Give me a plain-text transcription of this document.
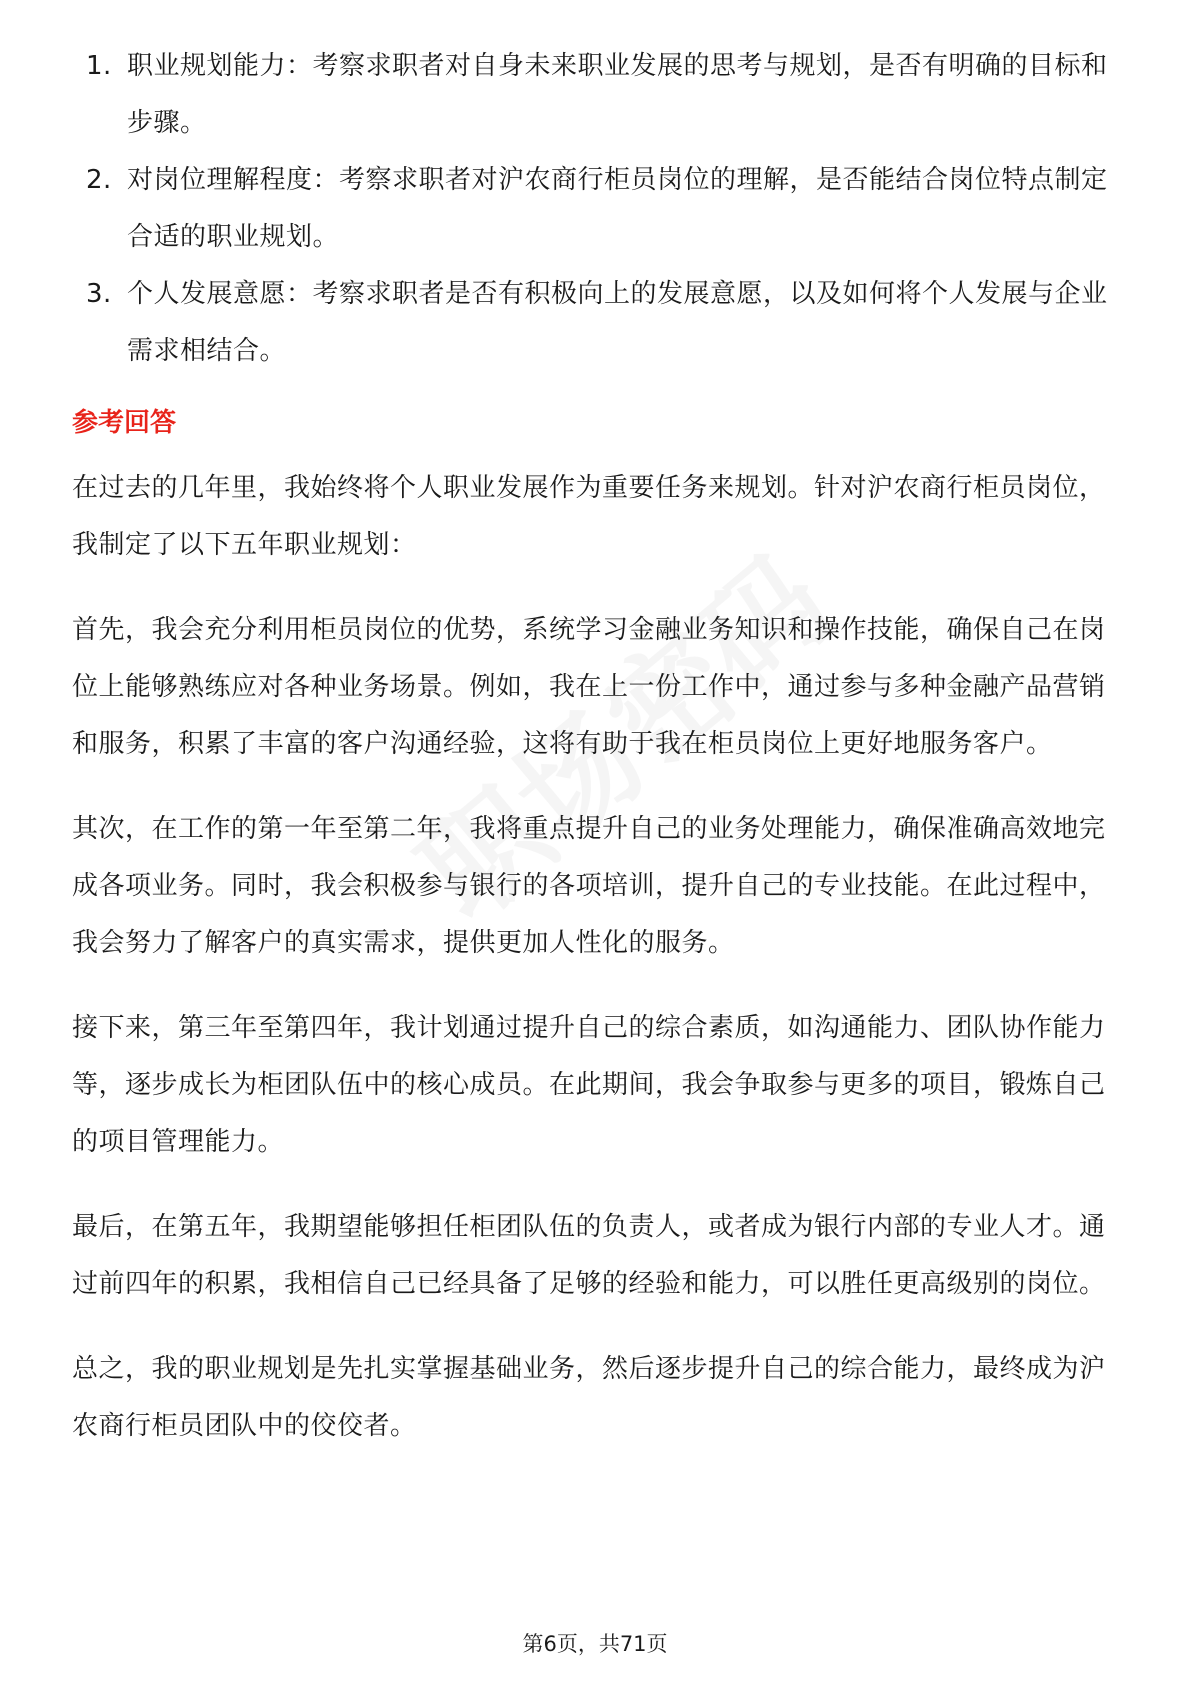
1. 职业规划能力：考察求职者对自身未来职业发展的思考与规划，是否有明确的目标和步骤。
2. 对岗位理解程度：考察求职者对沪农商行柜员岗位的理解，是否能结合岗位特点制定合适的职业规划。
3. 个人发展意愿：考察求职者是否有积极向上的发展意愿，以及如何将个人发展与企业需求相结合。
参考回答

在过去的几年里，我始终将个人职业发展作为重要任务来规划。针对沪农商行柜员岗位，我制定了以下五年职业规划：

首先，我会充分利用柜员岗位的优势，系统学习金融业务知识和操作技能，确保自己在岗位上能够熟练应对各种业务场景。例如，我在上一份工作中，通过参与多种金融产品营销和服务，积累了丰富的客户沟通经验，这将有助于我在柜员岗位上更好地服务客户。

其次，在工作的第一年至第二年，我将重点提升自己的业务处理能力，确保准确高效地完成各项业务。同时，我会积极参与银行的各项培训，提升自己的专业技能。在此过程中，我会努力了解客户的真实需求，提供更加人性化的服务。

接下来，第三年至第四年，我计划通过提升自己的综合素质，如沟通能力、团队协作能力等，逐步成长为柜团队伍中的核心成员。在此期间，我会争取参与更多的项目，锻炼自己的项目管理能力。

最后，在第五年，我期望能够担任柜团队伍的负责人，或者成为银行内部的专业人才。通过前四年的积累，我相信自己已经具备了足够的经验和能力，可以胜任更高级别的岗位。

总之，我的职业规划是先扎实掌握基础业务，然后逐步提升自己的综合能力，最终成为沪农商行柜员团队中的佼佼者。

第6页，共71页
